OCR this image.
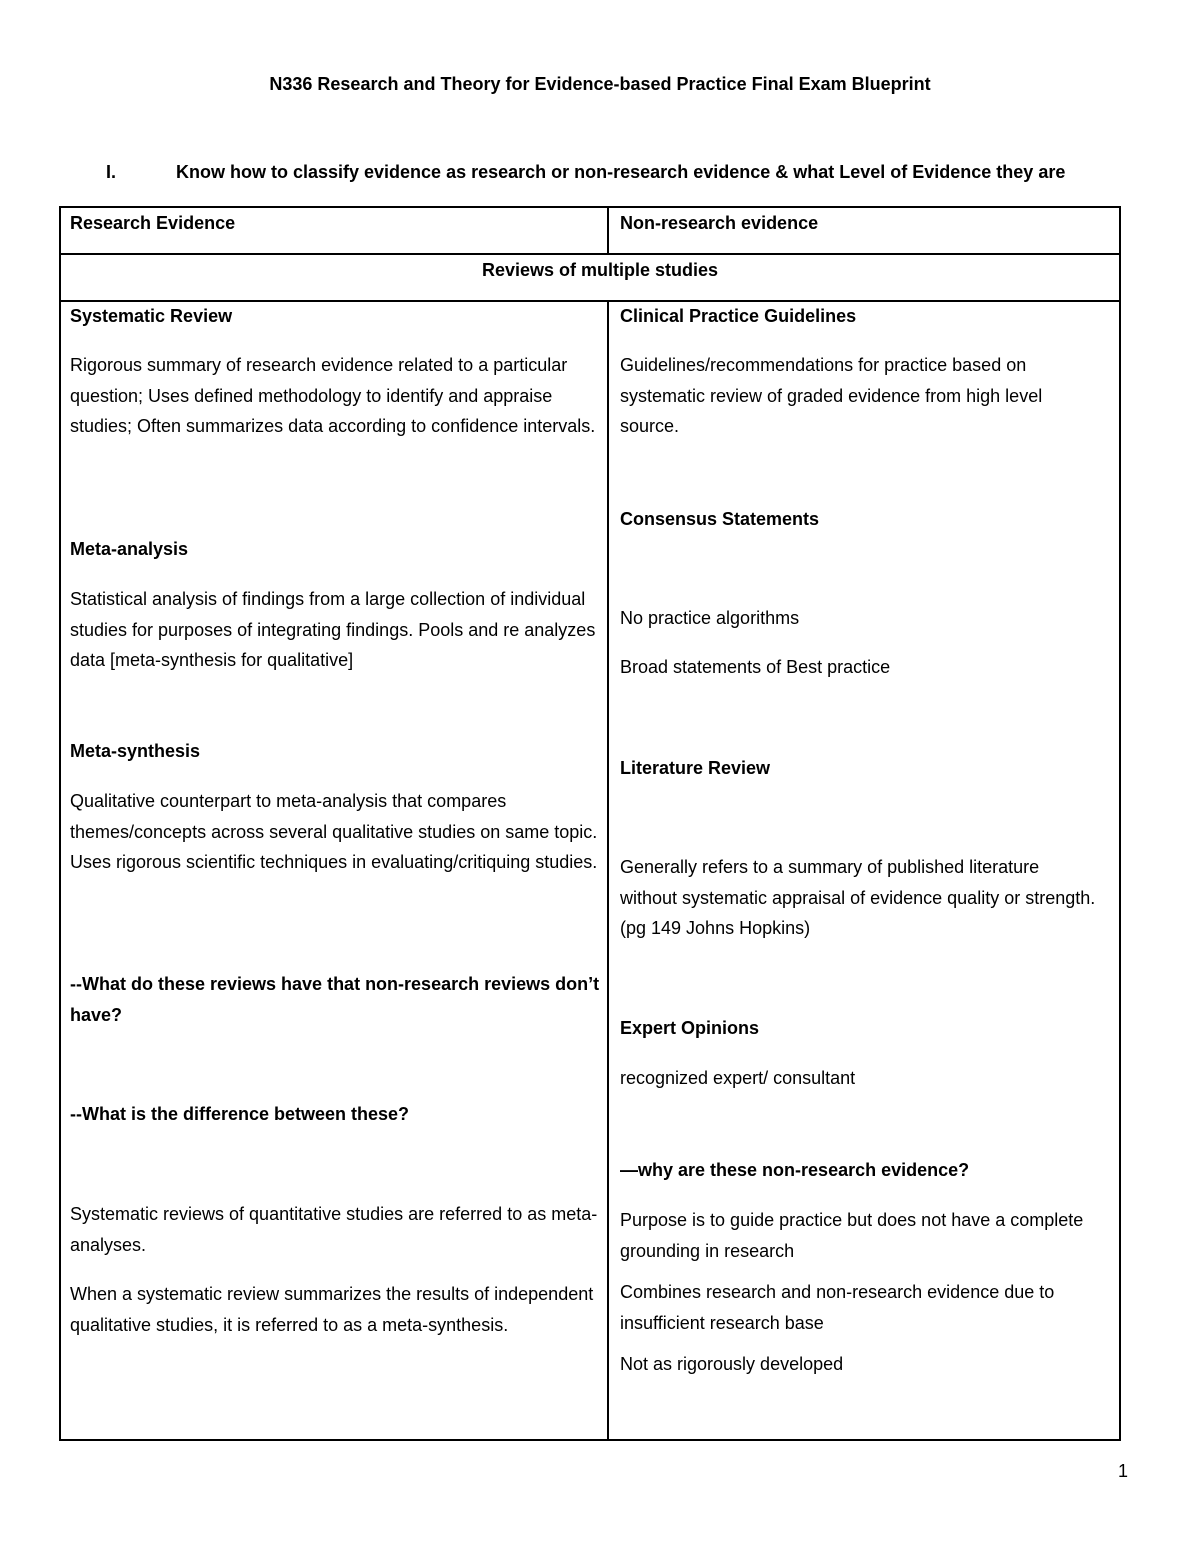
N336 Research and Theory for Evidence-based Practice Final Exam Blueprint
I.	Know how to classify evidence as research or non-research evidence & what Level of Evidence they are
Research Evidence	Non-research evidence
Reviews of multiple studies
Systematic Review
Rigorous summary of research evidence related to a particular question; Uses defined methodology to identify and appraise studies; Often summarizes data according to confidence intervals.
Meta-analysis
Statistical analysis of findings from a large collection of individual studies for purposes of integrating findings. Pools and re analyzes data [meta-synthesis for qualitative]
Meta-synthesis
Qualitative counterpart to meta-analysis that compares themes/concepts across several qualitative studies on same topic. Uses rigorous scientific techniques in evaluating/critiquing studies.
--What do these reviews have that non-research reviews don’t have?
--What is the difference between these?
Systematic reviews of quantitative studies are referred to as meta-analyses.
When a systematic review summarizes the results of independent qualitative studies, it is referred to as a meta-synthesis.
Clinical Practice Guidelines
Guidelines/recommendations for practice based on systematic review of graded evidence from high level source.
Consensus Statements
No practice algorithms
Broad statements of Best practice
Literature Review
Generally refers to a summary of published literature without systematic appraisal of evidence quality or strength. (pg 149 Johns Hopkins)
Expert Opinions
recognized expert/ consultant
—why are these non-research evidence?
Purpose is to guide practice but does not have a complete grounding in research
Combines research and non-research evidence due to insufficient research base
Not as rigorously developed
1
